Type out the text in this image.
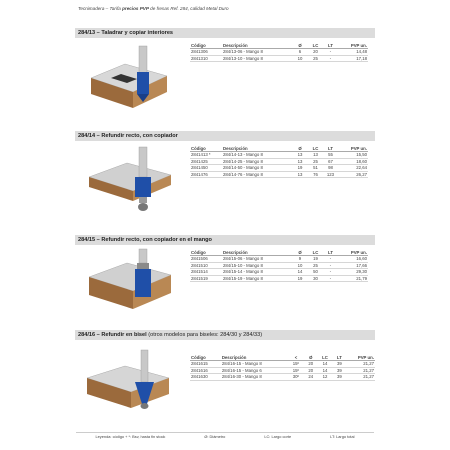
Tecnimadera – Tarifa precios PVP de fresas Ref. 284, calidad Metal Duro
284/13 – Taladrar y copiar interiores
Código	Descripción	Ø	LC	LT	PVP un.
2841306	284/13-06 - Mango 8	6	20	-	14,48
2841310	284/13-10 - Mango 8	10	25	-	17,18
284/14 – Refundir recto, con copiador
Código	Descripción	Ø	LC	LT	PVP un.
2841413 *	284/14-13 - Mango 8	13	13	55	15,50
2841425	284/14-25 - Mango 8	13	25	67	18,60
2841450	284/14-50 - Mango 8	19	51	98	22,64
2841476	284/14-76 - Mango 8	13	76	123	26,27
284/15 – Refundir recto, con copiador en el mango
Código	Descripción	Ø	LC	LT	PVP un.
2841506	284/15-06 - Mango 8	9	19	-	16,60
2841510	284/15-10 - Mango 8	10	25	-	17,66
2841514	284/15-14 - Mango 8	14	50	-	29,30
2841519	284/15-19 - Mango 8	19	30	-	21,79
284/16 – Refundir en bisel (otros modelos para biseles: 284/30 y 284/33)
Código	Descripción	<	Ø	LC	LT	PVP un.
2841615	284/16-15 - Mango 8	15º	20	14	39	21,27
2841616	284/16-15 - Mango 6	15º	20	14	39	21,27
2841630	284/16-30 - Mango 8	30º	24	12	39	21,27
Leyenda: código + *: Bsv, hasta fin stock	Ø: Diámetro	LC: Largo corte	LT: Largo total
